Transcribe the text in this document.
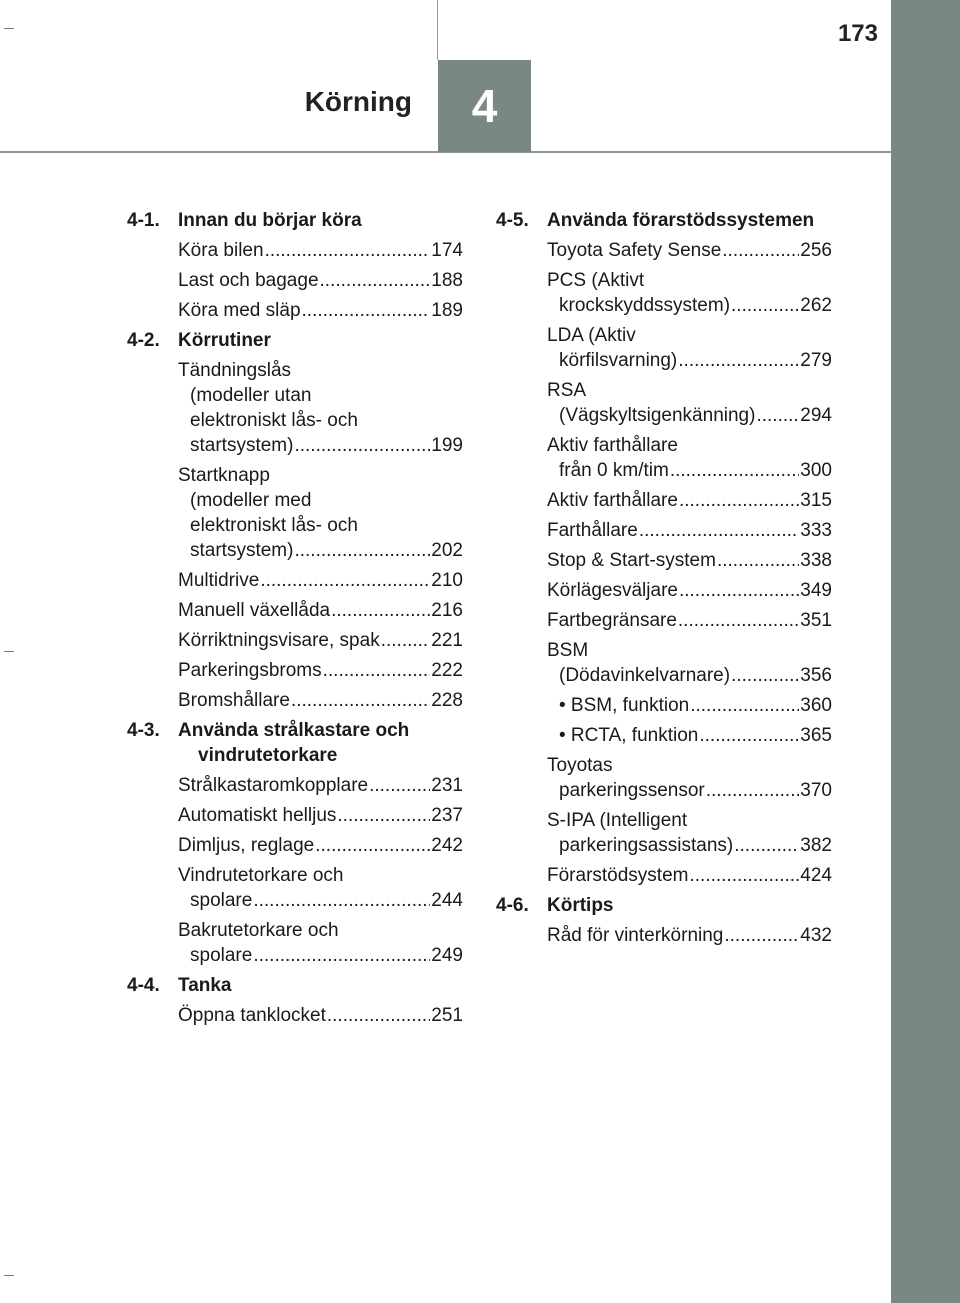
173
4
Körning
4-1. Innan du börjar köra
Köra bilen .....	174
Last och bagage .....	188
Köra med släp .....	189
4-2. Körrutiner
Tändningslås
(modeller utan
elektroniskt lås- och
startsystem) .....	199
Startknapp
(modeller med
elektroniskt lås- och
startsystem) .....	202
Multidrive .....	210
Manuell växellåda .....	216
Körriktningsvisare, spak .....	221
Parkeringsbroms .....	222
Bromshållare .....	228
4-3. Använda strålkastare och vindrutetorkare
Strålkastaromkopplare .....	231
Automatiskt helljus .....	237
Dimljus, reglage .....	242
Vindrutetorkare och
spolare .....	244
Bakrutetorkare och
spolare .....	249
4-4. Tanka
Öppna tanklocket .....	251
4-5. Använda förarstödssystemen
Toyota Safety Sense .....	256
PCS (Aktivt
krockskyddssystem) .....	262
LDA (Aktiv
körfilsvarning) .....	279
RSA
(Vägskyltsigenkänning) ..... 294
Aktiv farthållare
från 0 km/tim .....	300
Aktiv farthållare .....	315
Farthållare .....	333
Stop & Start-system .....	338
Körlägesväljare .....	349
Fartbegränsare .....	351
BSM
(Dödavinkelvarnare) .....	356
• BSM, funktion .....	360
• RCTA, funktion .....	365
Toyotas
parkeringssensor .....	370
S-IPA (Intelligent
parkeringsassistans) .....	382
Förarstödsystem .....	424
4-6. Körtips
Råd för vinterkörning .....	432
